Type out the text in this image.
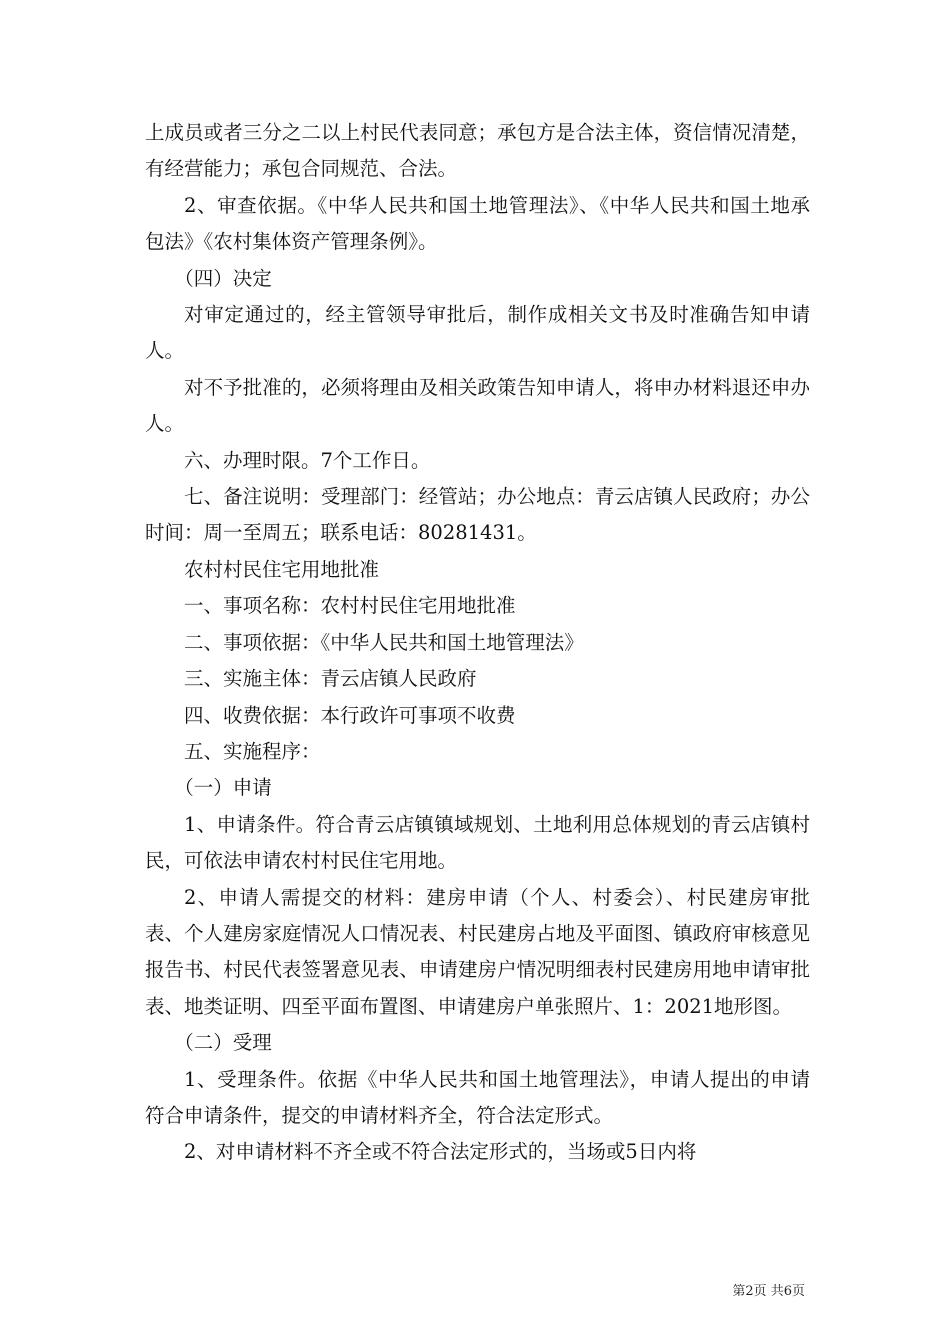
上成员或者三分之二以上村民代表同意；承包方是合法主体，资信情况清楚，有经营能力；承包合同规范、合法。

2、审查依据。《中华人民共和国土地管理法》、《中华人民共和国土地承包法》《农村集体资产管理条例》。

（四）决定

对审定通过的，经主管领导审批后，制作成相关文书及时准确告知申请人。

对不予批准的，必须将理由及相关政策告知申请人，将申办材料退还申办人。

六、办理时限。7个工作日。

七、备注说明：受理部门：经管站；办公地点：青云店镇人民政府；办公时间：周一至周五；联系电话：80281431。

农村村民住宅用地批准

一、事项名称：农村村民住宅用地批准

二、事项依据：《中华人民共和国土地管理法》

三、实施主体：青云店镇人民政府

四、收费依据：本行政许可事项不收费

五、实施程序：

（一）申请

1、申请条件。符合青云店镇镇域规划、土地利用总体规划的青云店镇村民，可依法申请农村村民住宅用地。

2、申请人需提交的材料：建房申请（个人、村委会）、村民建房审批表、个人建房家庭情况人口情况表、村民建房占地及平面图、镇政府审核意见报告书、村民代表签署意见表、申请建房户情况明细表村民建房用地申请审批表、地类证明、四至平面布置图、申请建房户单张照片、1：2021地形图。

（二）受理

1、受理条件。依据《中华人民共和国土地管理法》，申请人提出的申请符合申请条件，提交的申请材料齐全，符合法定形式。

2、对申请材料不齐全或不符合法定形式的，当场或5日内将

第2页 共6页
